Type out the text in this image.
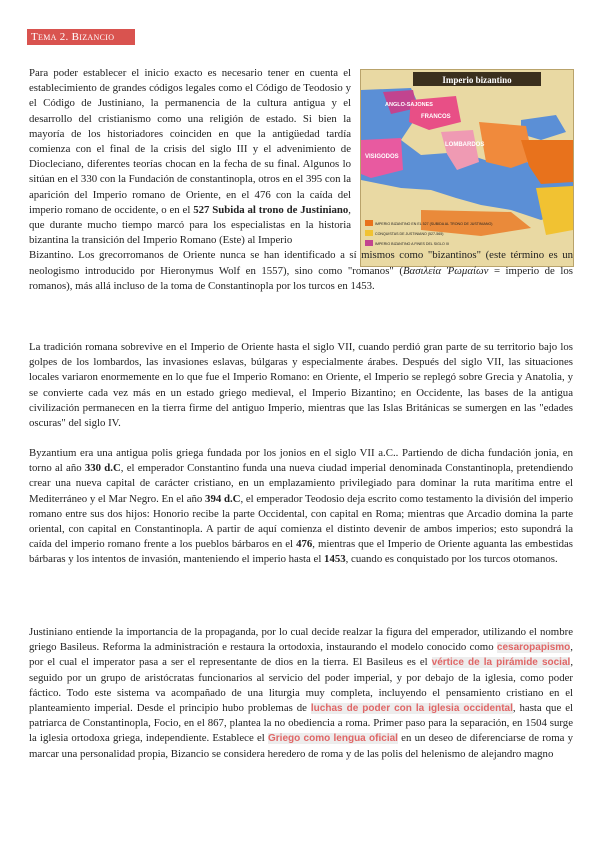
Tema 2. Bizancio
Imperio bizantino
ANGLO-SAJONES
FRANCOS
LOMBARDOS
VISIGODOS
IMPERIO BIZANTINO EN EL 527 (SUBIDA AL TRONO DE JUSTINIANO)
CONQUISTAS DE JUSTINIANO (527-565)
IMPERIO BIZANTINO A FINES DEL SIGLO XI
Para poder establecer el inicio exacto es necesario tener en cuenta el establecimiento de grandes códigos legales como el Código de Teodosio y el Código de Justiniano, la permanencia de la cultura antigua y el desarrollo del cristianismo como una religión de estado. Si bien la mayoría de los historiadores coinciden en que la antigüedad tardía comienza con el final de la crisis del siglo III y el advenimiento de Diocleciano, diferentes teorías chocan en la fecha de su final. Algunos lo sitúan en el 330 con la Fundación de constantinopla, otros en el 395 con la aparición del Imperio romano de Oriente, en el 476 con la caída del imperio romano de occidente, o en el 527 Subida al trono de Justiniano, que durante mucho tiempo marcó para los especialistas en la historia bizantina la transición del Imperio Romano (Este) al Imperio
Bizantino. Los grecorromanos de Oriente nunca se han identificado a sí mismos como "bizantinos" (este término es un neologismo introducido por Hieronymus Wolf en 1557), sino como "romanos" (Βασιλεία Ῥωμαίων = imperio de los romanos), más allá incluso de la toma de Constantinopla por los turcos en 1453.
La tradición romana sobrevive en el Imperio de Oriente hasta el siglo VII, cuando perdió gran parte de su territorio bajo los golpes de los lombardos, las invasiones eslavas, búlgaras y especialmente árabes. Después del siglo VII, las situaciones locales variaron enormemente en lo que fue el Imperio Romano: en Oriente, el Imperio se replegó sobre Grecia y Anatolia, y se convierte cada vez más en un estado griego medieval, el Imperio Bizantino; en Occidente, las bases de la antigua civilización permanecen en la tierra firme del antiguo Imperio, mientras que las Islas Británicas se sumergen en las "edades oscuras" del siglo IV.
Byzantium era una antigua polis griega fundada por los jonios en el siglo VII a.C.. Partiendo de dicha fundación jonia, en torno al año 330 d.C, el emperador Constantino funda una nueva ciudad imperial denominada Constantinopla, pretendiendo crear una nueva capital de carácter cristiano, en un emplazamiento privilegiado para dominar la ruta marítima entre el Mediterráneo y el Mar Negro. En el año 394 d.C, el emperador Teodosio deja escrito como testamento la división del imperio romano entre sus dos hijos: Honorio recibe la parte Occidental, con capital en Roma; mientras que Arcadio domina la parte oriental, con capital en Constantinopla. A partir de aquí comienza el distinto devenir de ambos imperios; esto supondrá la caída del imperio romano frente a los pueblos bárbaros en el 476, mientras que el Imperio de Oriente aguanta las embestidas bárbaras y los intentos de invasión, manteniendo el imperio hasta el 1453, cuando es conquistado por los turcos otomanos.
Justiniano entiende la importancia de la propaganda, por lo cual decide realzar la figura del emperador, utilizando el nombre griego Basileus. Reforma la administración e restaura la ortodoxia, instaurando el modelo conocido como cesaropapismo, por el cual el imperator pasa a ser el representante de dios en la tierra. El Basileus es el vértice de la pirámide social, seguido por un grupo de aristócratas funcionarios al servicio del poder imperial, y por debajo de la iglesia, como poder fáctico. Todo este sistema va acompañado de una liturgia muy completa, incluyendo el pensamiento cristiano en el planteamiento imperial. Desde el principio hubo problemas de luchas de poder con la iglesia occidental, hasta que el patriarca de Constantinopla, Focio, en el 867, plantea la no obediencia a roma. Primer paso para la separación, en 1504 surge la iglesia ortodoxa griega, independiente. Establece el Griego como lengua oficial en un deseo de diferenciarse de roma y marcar una personalidad propia, Bizancio se considera heredero de roma y de las polis del helenismo de alejandro magno
